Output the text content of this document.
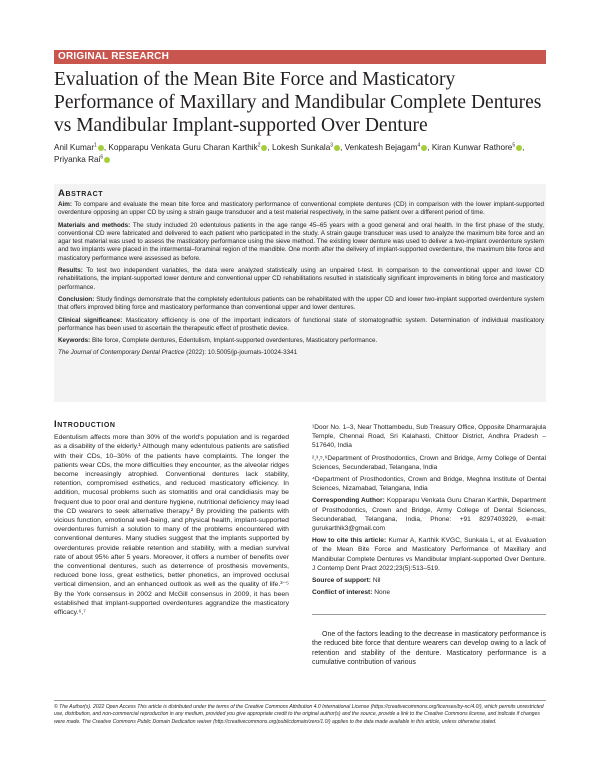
ORIGINAL RESEARCH
Evaluation of the Mean Bite Force and Masticatory Performance of Maxillary and Mandibular Complete Dentures vs Mandibular Implant-supported Over Denture
Anil Kumar$^1$ , Kopparapu Venkata Guru Charan Karthik$^2$ , Lokesh Sunkala$^3$ , Venkatesh Bejagam$^4$ , Kiran Kunwar Rathore$^5$ ,
Priyanka Rai$^6$
Abstract

Aim: To compare and evaluate the mean bite force and masticatory performance of conventional complete dentures (CD) in comparison with the lower implant-supported overdenture opposing an upper CD by using a strain gauge transducer and a test material respectively, in the same patient over a different period of time.

Materials and methods: The study included 20 edentulous patients in the age range 45–65 years with a good general and oral health. In the first phase of the study, conventional CD were fabricated and delivered to each patient who participated in the study. A strain gauge transducer was used to analyze the maximum bite force and an agar test material was used to assess the masticatory performance using the sieve method. The existing lower denture was used to deliver a two-implant overdenture system and two implants were placed in the intermental–foraminal region of the mandible. One month after the delivery of implant-supported overdenture, the maximum bite force and masticatory performance were assessed as before.

Results: To test two independent variables, the data were analyzed statistically using an unpaired t-test. In comparison to the conventional upper and lower CD rehabilitations, the implant-supported lower denture and conventional upper CD rehabilitations resulted in statistically significant improvements in biting force and masticatory performance.

Conclusion: Study findings demonstrate that the completely edentulous patients can be rehabilitated with the upper CD and lower two-implant supported overdenture system that offers improved biting force and masticatory performance than conventional upper and lower dentures.

Clinical significance: Masticatory efficiency is one of the important indicators of functional state of stomatognathic system. Determination of individual masticatory performance has been used to ascertain the therapeutic effect of prosthetic device.

Keywords: Bite force, Complete dentures, Edentulism, Implant-supported overdentures, Masticatory performance.

The Journal of Contemporary Dental Practice (2022): 10.5005/jp-journals-10024-3341

Introduction

Edentulism affects more than 30% of the world's population and is regarded as a disability of the elderly.¹ Although many edentulous patients are satisfied with their CDs, 10–30% of the patients have complaints. The longer the patients wear CDs, the more difficulties they encounter, as the alveolar ridges become increasingly atrophied. Conventional dentures lack stability, retention, compromised esthetics, and reduced masticatory efficiency. In addition, mucosal problems such as stomatitis and oral candidiasis may be frequent due to poor oral and denture hygiene, nutritional deficiency may lead the CD wearers to seek alternative therapy.² By providing the patients with vicious function, emotional well-being, and physical health, implant-supported overdentures furnish a solution to many of the problems encountered with conventional dentures. Many studies suggest that the implants supported by overdentures provide reliable retention and stability, with a median survival rate of about 95% after 5 years. Moreover, it offers a number of benefits over the conventional dentures, such as deterrence of prosthesis movements, reduced bone loss, great esthetics, better phonetics, an improved occlusal vertical dimension, and an enhanced outlook as well as the quality of life.³⁻⁵ By the York consensus in 2002 and McGill consensus in 2009, it has been established that implant-supported overdentures aggrandize the masticatory efficacy.⁶,⁷

¹Door No. 1–3, Near Thottambedu, Sub Treasury Office, Opposite Dharmarajula Temple, Chennai Road, Sri Kalahasti, Chittoor District, Andhra Pradesh – 517640, India

²,³,⁵,⁶Department of Prosthodontics, Crown and Bridge, Army College of Dental Sciences, Secunderabad, Telangana, India

⁴Department of Prosthodontics, Crown and Bridge, Meghna Institute of Dental Sciences, Nizamabad, Telangana, India

Corresponding Author: Kopparapu Venkata Guru Charan Karthik, Department of Prosthodontics, Crown and Bridge, Army College of Dental Sciences, Secunderabad, Telangana, India, Phone: +91 8297403929, e-mail: gurukarthik3@gmail.com

How to cite this article: Kumar A, Karthik KVGC, Sunkala L, et al. Evaluation of the Mean Bite Force and Masticatory Performance of Maxillary and Mandibular Complete Dentures vs Mandibular Implant-supported Over Denture. J Contemp Dent Pract 2022;23(5):513–519.

Source of support: Nil

Conflict of interest: None

One of the factors leading to the decrease in masticatory performance is the reduced bite force that denture wearers can develop owing to a lack of retention and stability of the denture. Masticatory performance is a cumulative contribution of various

© The Author(s). 2022 Open Access This article is distributed under the terms of the Creative Commons Attribution 4.0 International License (https://creativecommons.org/licenses/by-nc/4.0/), which permits unrestricted use, distribution, and non-commercial reproduction in any medium, provided you give appropriate credit to the original author(s) and the source, provide a link to the Creative Commons license, and indicate if changes were made. The Creative Commons Public Domain Dedication waiver (http://creativecommons.org/publicdomain/zero/1.0/) applies to the data made available in this article, unless otherwise stated.
